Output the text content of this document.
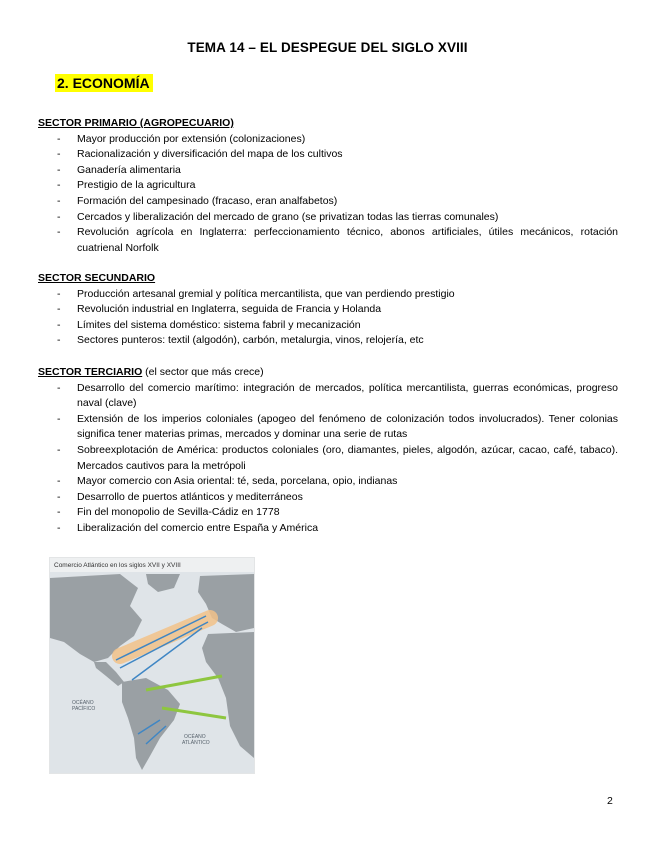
TEMA 14 – EL DESPEGUE DEL SIGLO XVIII
2. ECONOMÍA
SECTOR PRIMARIO (AGROPECUARIO)
- Mayor producción por extensión (colonizaciones)
- Racionalización y diversificación del mapa de los cultivos
- Ganadería alimentaria
- Prestigio de la agricultura
- Formación del campesinado (fracaso, eran analfabetos)
- Cercados y liberalización del mercado de grano (se privatizan todas las tierras comunales)
- Revolución agrícola en Inglaterra: perfeccionamiento técnico, abonos artificiales, útiles mecánicos, rotación cuatrienal Norfolk
SECTOR SECUNDARIO
- Producción artesanal gremial y política mercantilista, que van perdiendo prestigio
- Revolución industrial en Inglaterra, seguida de Francia y Holanda
- Límites del sistema doméstico: sistema fabril y mecanización
- Sectores punteros: textil (algodón), carbón, metalurgia, vinos, relojería, etc
SECTOR TERCIARIO (el sector que más crece)
- Desarrollo del comercio marítimo: integración de mercados, política mercantilista, guerras económicas, progreso naval (clave)
- Extensión de los imperios coloniales (apogeo del fenómeno de colonización todos involucrados). Tener colonias significa tener materias primas, mercados y dominar una serie de rutas
- Sobreexplotación de América: productos coloniales (oro, diamantes, pieles, algodón, azúcar, cacao, café, tabaco). Mercados cautivos para la metrópoli
- Mayor comercio con Asia oriental: té, seda, porcelana, opio, indianas
- Desarrollo de puertos atlánticos y mediterráneos
- Fin del monopolio de Sevilla-Cádiz en 1778
- Liberalización del comercio entre España y América
Comercio Atlántico en los siglos XVII y XVIII
OCÉANO
PACÍFICO
OCÉANO
ATLÁNTICO
2
